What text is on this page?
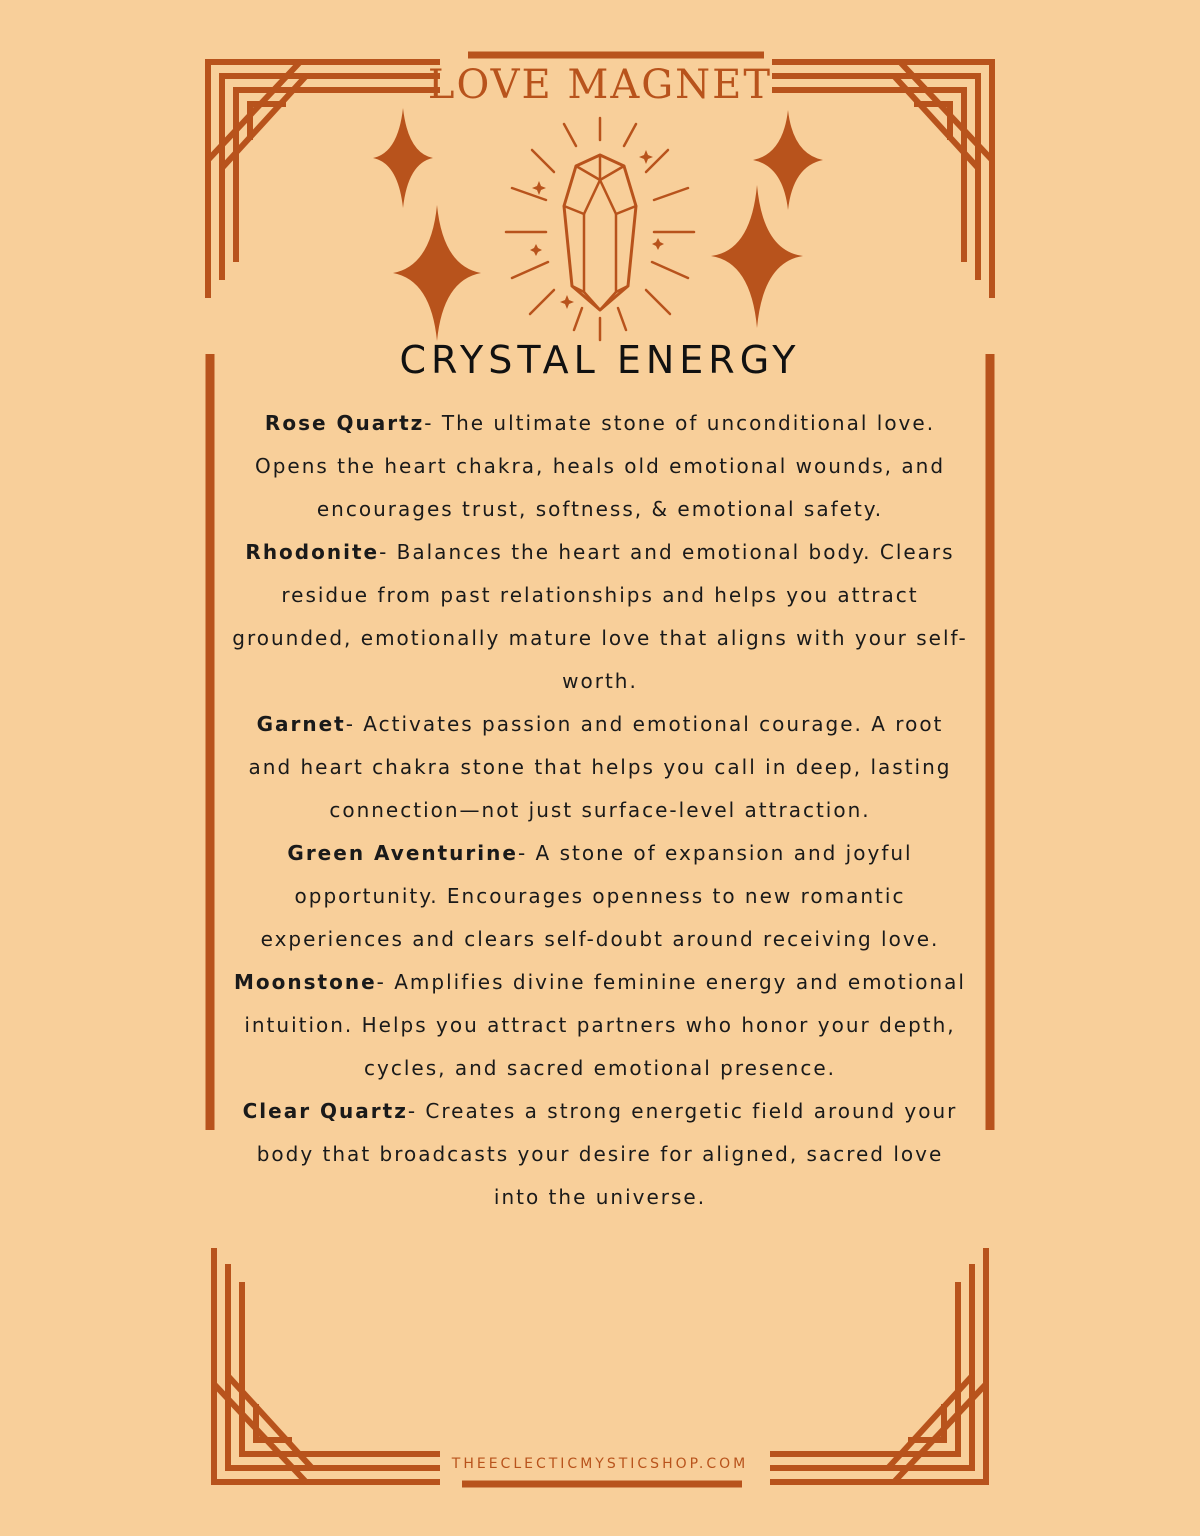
LOVE MAGNET
CRYSTAL ENERGY

Rose Quartz- The ultimate stone of unconditional love. Opens the heart chakra, heals old emotional wounds, and encourages trust, softness, & emotional safety.

Rhodonite- Balances the heart and emotional body. Clears residue from past relationships and helps you attract grounded, emotionally mature love that aligns with your self-worth.

Garnet- Activates passion and emotional courage. A root and heart chakra stone that helps you call in deep, lasting connection—not just surface-level attraction.

Green Aventurine- A stone of expansion and joyful opportunity. Encourages openness to new romantic experiences and clears self-doubt around receiving love.

Moonstone- Amplifies divine feminine energy and emotional intuition. Helps you attract partners who honor your depth, cycles, and sacred emotional presence.

Clear Quartz- Creates a strong energetic field around your body that broadcasts your desire for aligned, sacred love into the universe.

THEECLECTICMYSTICSHOP.COM
